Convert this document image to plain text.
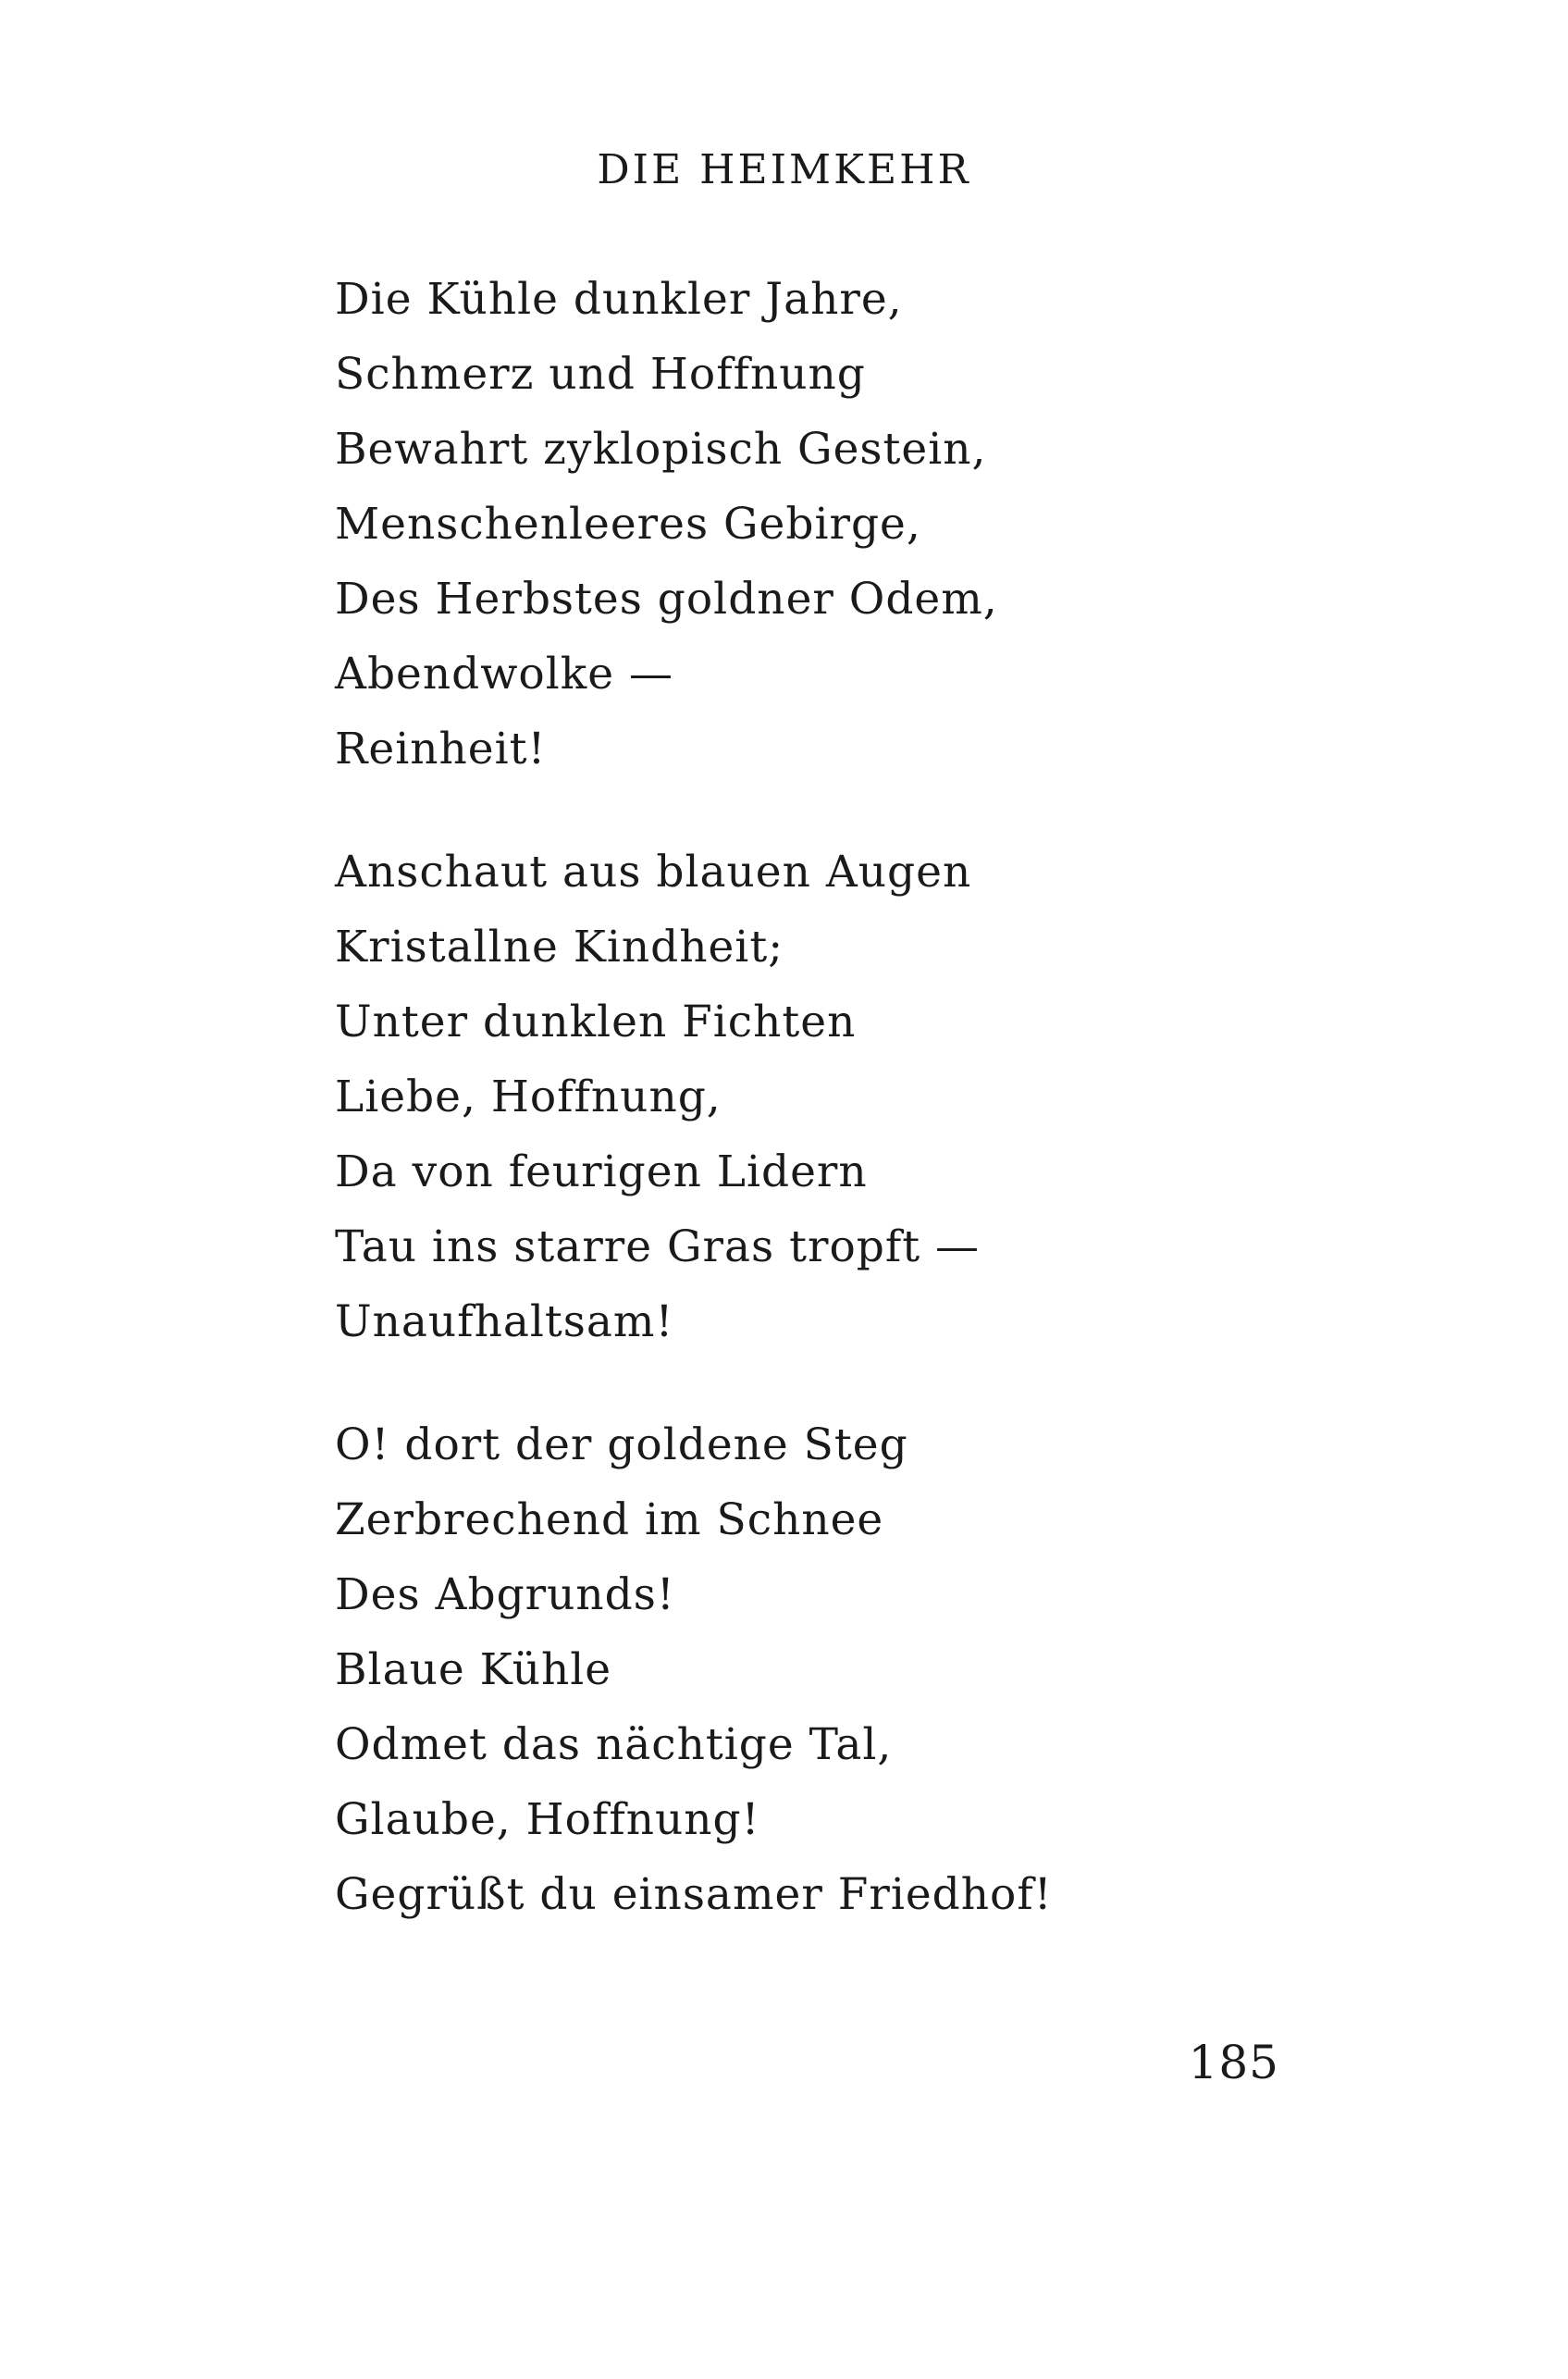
DIE HEIMKEHR
Die Kühle dunkler Jahre,
Schmerz und Hoffnung
Bewahrt zyklopisch Gestein,
Menschenleeres Gebirge,
Des Herbstes goldner Odem,
Abendwolke —
Reinheit!
Anschaut aus blauen Augen
Kristallne Kindheit;
Unter dunklen Fichten
Liebe, Hoffnung,
Da von feurigen Lidern
Tau ins starre Gras tropft —
Unaufhaltsam!
O! dort der goldene Steg
Zerbrechend im Schnee
Des Abgrunds!
Blaue Kühle
Odmet das nächtige Tal,
Glaube, Hoffnung!
Gegrüßt du einsamer Friedhof!
185
